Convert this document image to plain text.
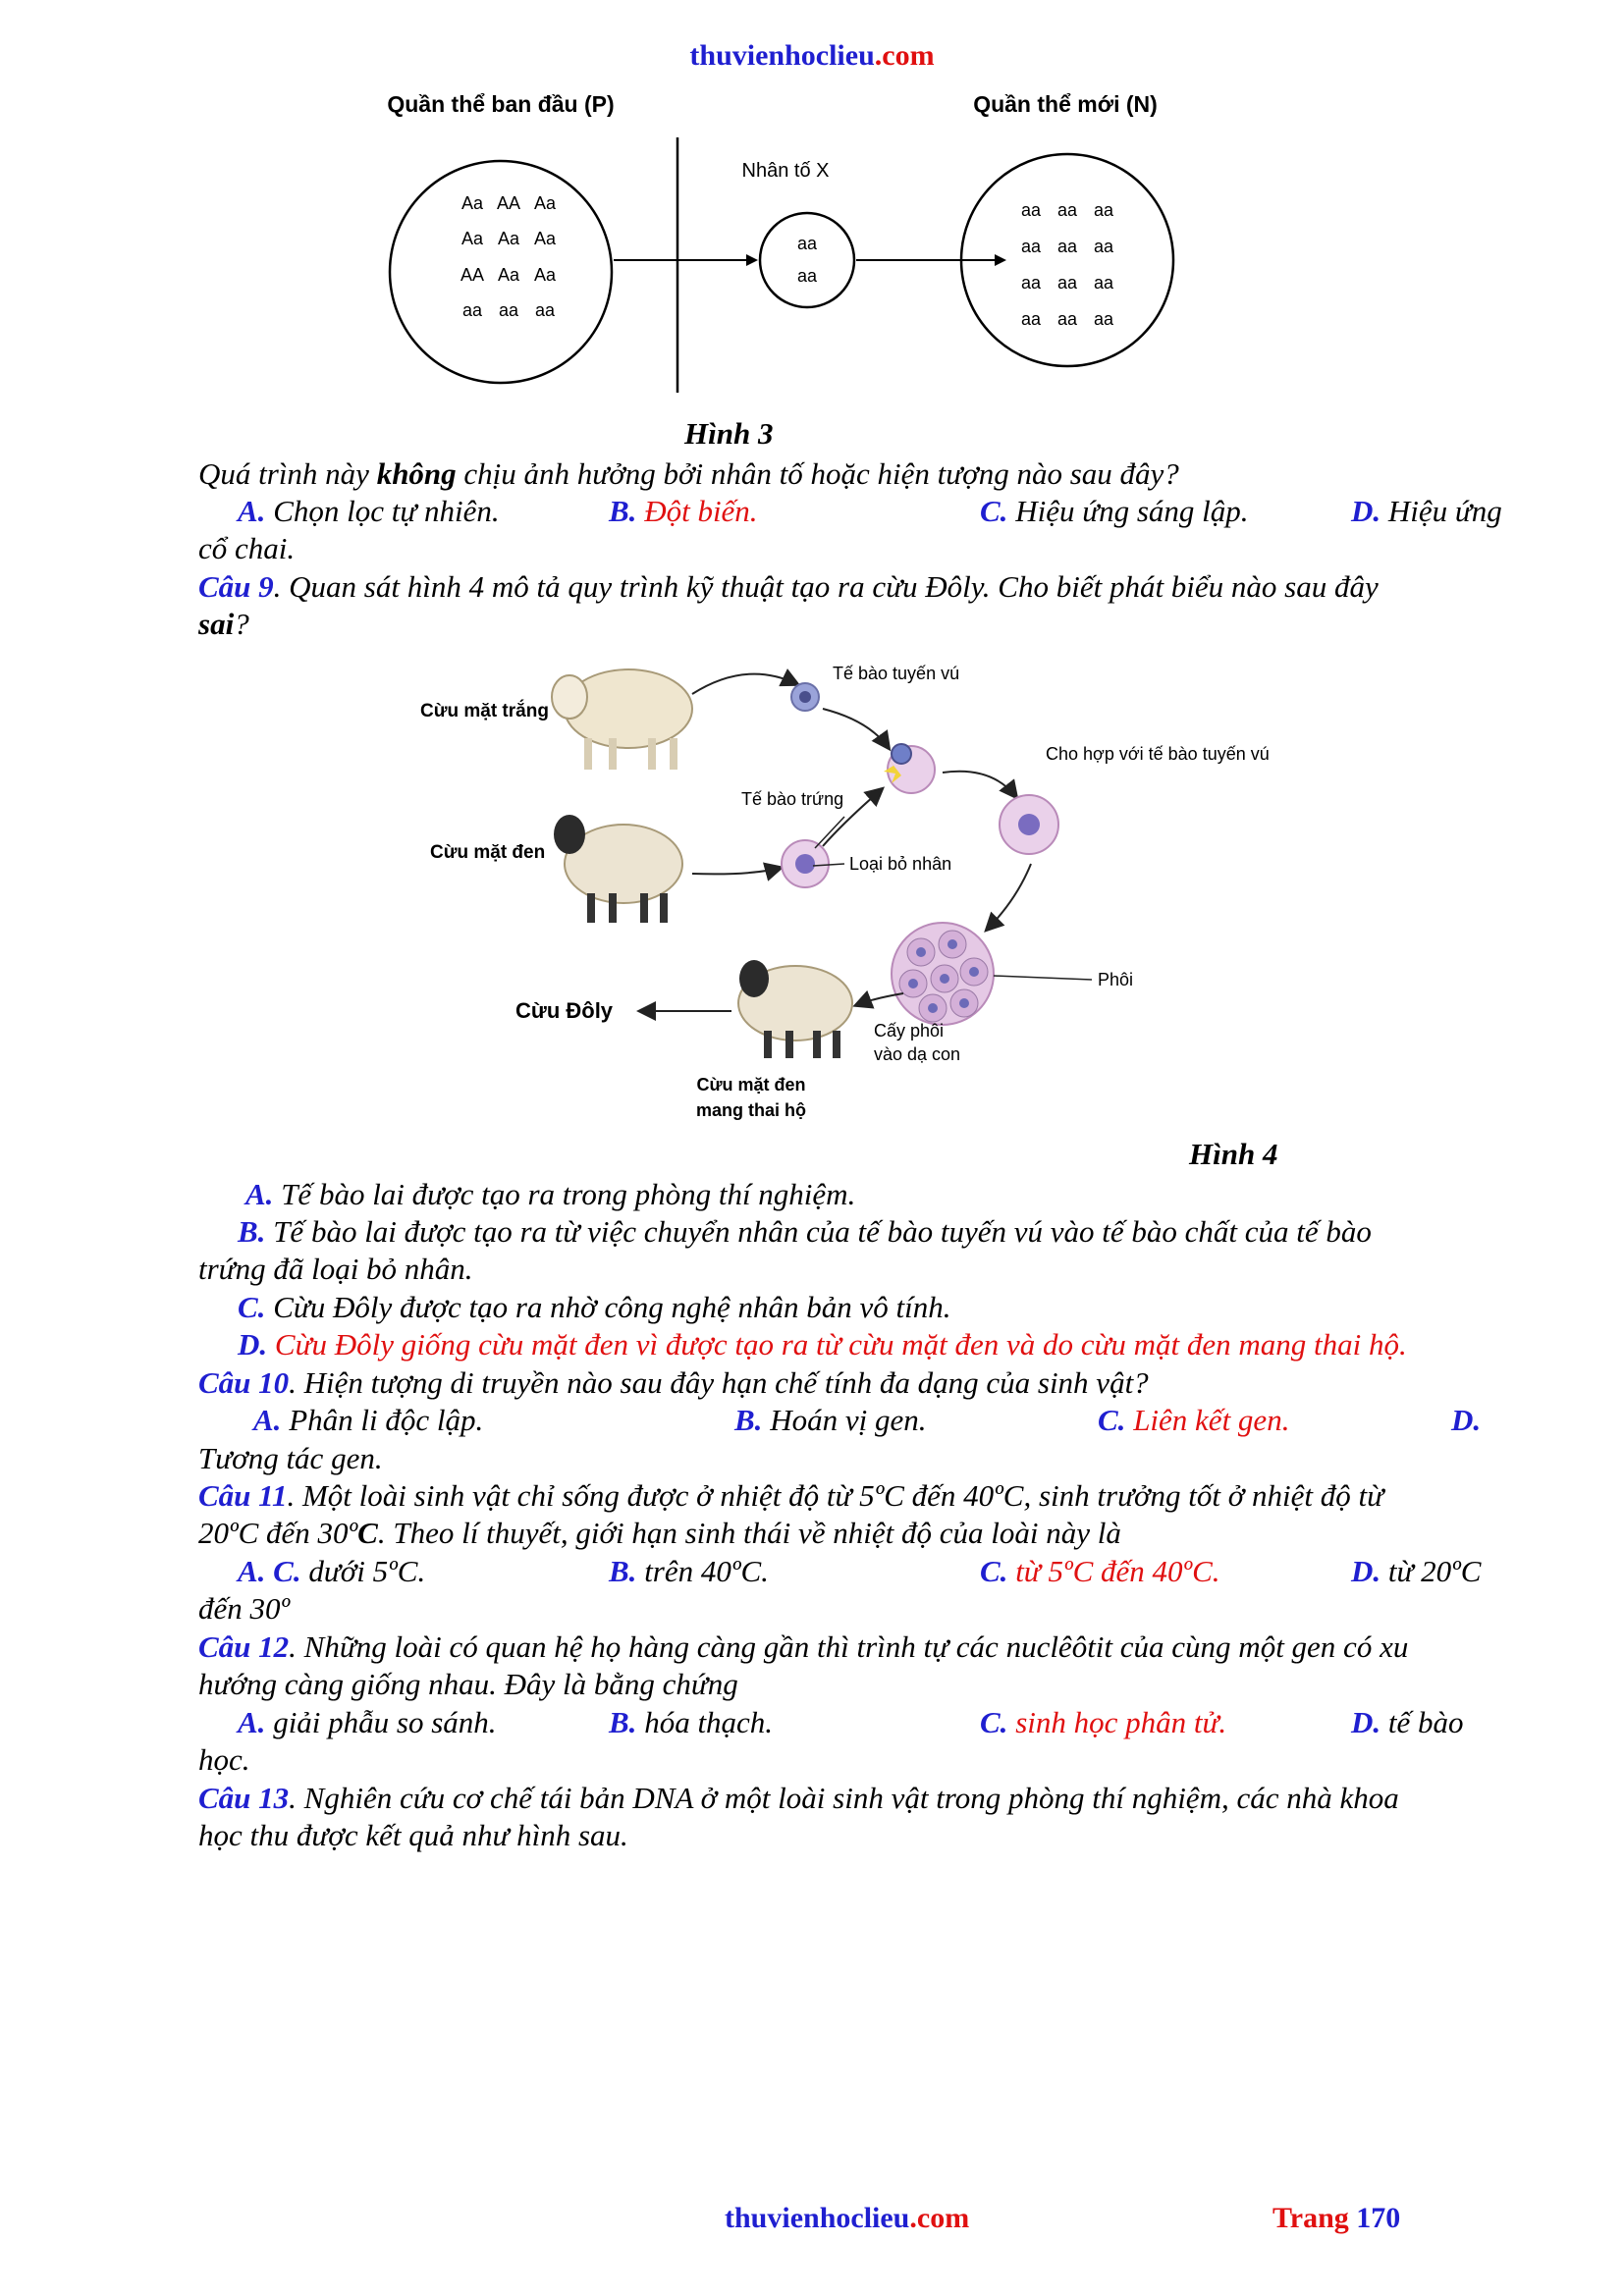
thuvienhoclieu.com
Quần thể ban đầu (P)	Quần thể mới (N)
Aa AA Aa
Aa Aa Aa
AA Aa Aa
aa aa aa
Nhân tố X
aa
aa
aa aa aa
aa aa aa
aa aa aa
aa aa aa
Hình 3
Quá trình này không chịu ảnh hưởng bởi nhân tố hoặc hiện tượng nào sau đây?
A. Chọn lọc tự nhiên.	B. Đột biến.	C. Hiệu ứng sáng lập.	D. Hiệu ứng
cổ chai.
Câu 9. Quan sát hình 4 mô tả quy trình kỹ thuật tạo ra cừu Đôly. Cho biết phát biểu nào sau đây
sai?
Cừu mặt trắng
Cừu mặt đen
Tế bào tuyến vú
Cho hợp với tế bào tuyến vú
Tế bào trứng
Loại bỏ nhân
Phôi
Cấy phôi
vào dạ con
Cừu mặt đen
mang thai hộ
Cừu Đôly
Hình 4
A. Tế bào lai được tạo ra trong phòng thí nghiệm.
B. Tế bào lai được tạo ra từ việc chuyển nhân của tế bào tuyến vú vào tế bào chất của tế bào
trứng đã loại bỏ nhân.
C. Cừu Đôly được tạo ra nhờ công nghệ nhân bản vô tính.
D. Cừu Đôly giống cừu mặt đen vì được tạo ra từ cừu mặt đen và do cừu mặt đen mang thai hộ.
Câu 10. Hiện tượng di truyền nào sau đây hạn chế tính đa dạng của sinh vật?
A. Phân li độc lập.	B. Hoán vị gen.	C. Liên kết gen.	D.
Tương tác gen.
Câu 11. Một loài sinh vật chỉ sống được ở nhiệt độ từ 5ºC đến 40ºC, sinh trưởng tốt ở nhiệt độ từ
20ºC đến 30ºC. Theo lí thuyết, giới hạn sinh thái về nhiệt độ của loài này là
A. C. dưới 5ºC.	B. trên 40ºC.	C. từ 5ºC đến 40ºC.	D. từ 20ºC
đến 30º
Câu 12. Những loài có quan hệ họ hàng càng gần thì trình tự các nuclêôtit của cùng một gen có xu
hướng càng giống nhau. Đây là bằng chứng
A. giải phẫu so sánh.	B. hóa thạch.	C. sinh học phân tử.	D. tế bào
học.
Câu 13. Nghiên cứu cơ chế tái bản DNA ở một loài sinh vật trong phòng thí nghiệm, các nhà khoa
học thu được kết quả như hình sau.
thuvienhoclieu.com	Trang 170
